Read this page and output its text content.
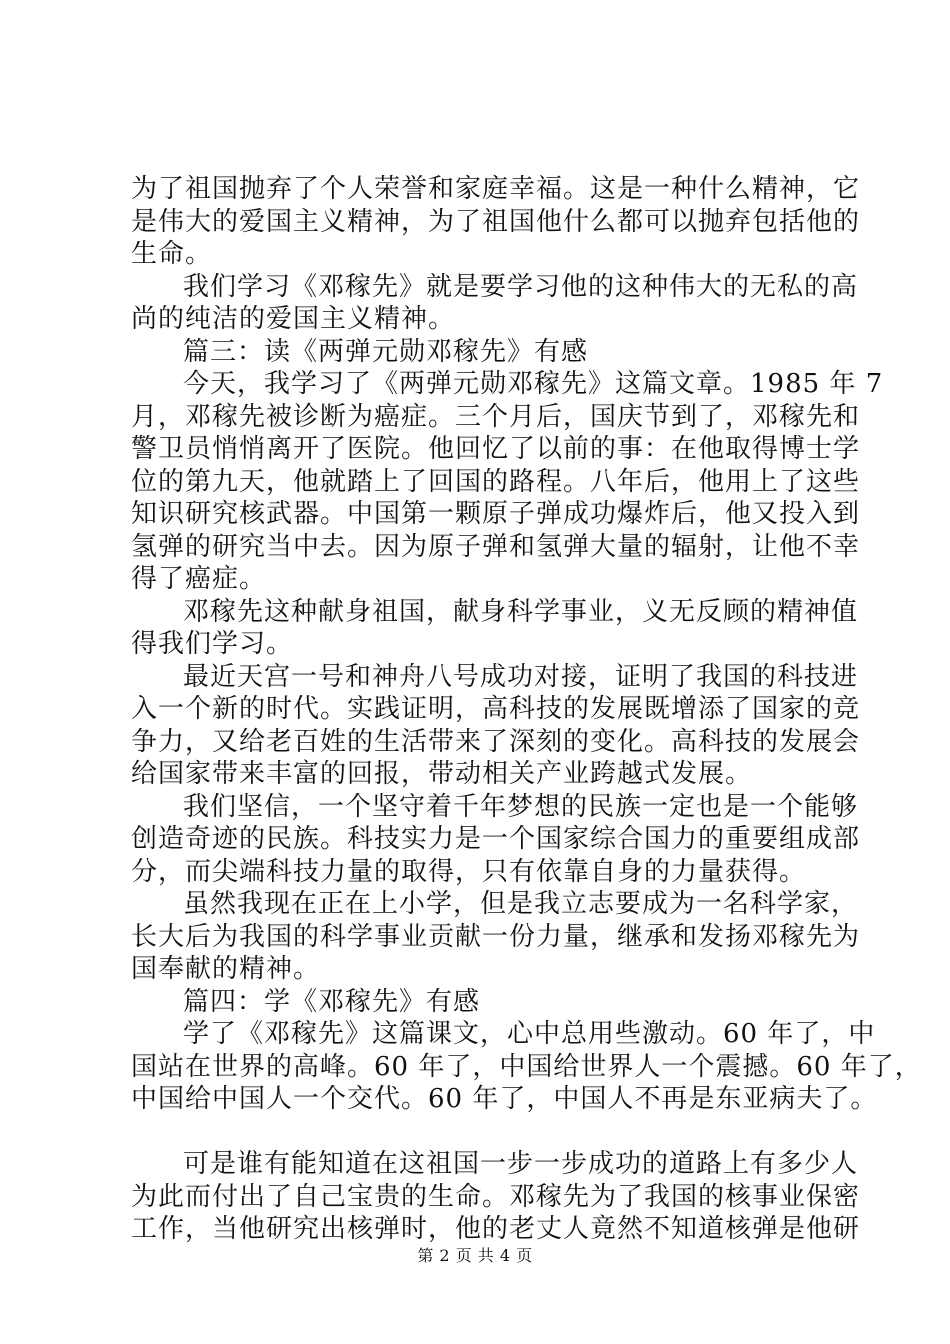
为了祖国抛弃了个人荣誉和家庭幸福。这是一种什么精神，它
是伟大的爱国主义精神，为了祖国他什么都可以抛弃包括他的
生命。
我们学习《邓稼先》就是要学习他的这种伟大的无私的高
尚的纯洁的爱国主义精神。
篇三：读《两弹元勋邓稼先》有感
今天，我学习了《两弹元勋邓稼先》这篇文章。1985 年 7
月，邓稼先被诊断为癌症。三个月后，国庆节到了，邓稼先和
警卫员悄悄离开了医院。他回忆了以前的事：在他取得博士学
位的第九天，他就踏上了回国的路程。八年后，他用上了这些
知识研究核武器。中国第一颗原子弹成功爆炸后，他又投入到
氢弹的研究当中去。因为原子弹和氢弹大量的辐射，让他不幸
得了癌症。
邓稼先这种献身祖国，献身科学事业，义无反顾的精神值
得我们学习。
最近天宫一号和神舟八号成功对接，证明了我国的科技进
入一个新的时代。实践证明，高科技的发展既增添了国家的竞
争力，又给老百姓的生活带来了深刻的变化。高科技的发展会
给国家带来丰富的回报，带动相关产业跨越式发展。
我们坚信，一个坚守着千年梦想的民族一定也是一个能够
创造奇迹的民族。科技实力是一个国家综合国力的重要组成部
分，而尖端科技力量的取得，只有依靠自身的力量获得。
虽然我现在正在上小学，但是我立志要成为一名科学家，
长大后为我国的科学事业贡献一份力量，继承和发扬邓稼先为
国奉献的精神。
篇四：学《邓稼先》有感
学了《邓稼先》这篇课文，心中总用些激动。60 年了，中
国站在世界的高峰。60 年了，中国给世界人一个震撼。60 年了，
中国给中国人一个交代。60 年了，中国人不再是东亚病夫了。
可是谁有能知道在这祖国一步一步成功的道路上有多少人
为此而付出了自己宝贵的生命。邓稼先为了我国的核事业保密
工作，当他研究出核弹时，他的老丈人竟然不知道核弹是他研
第 2 页 共 4 页
